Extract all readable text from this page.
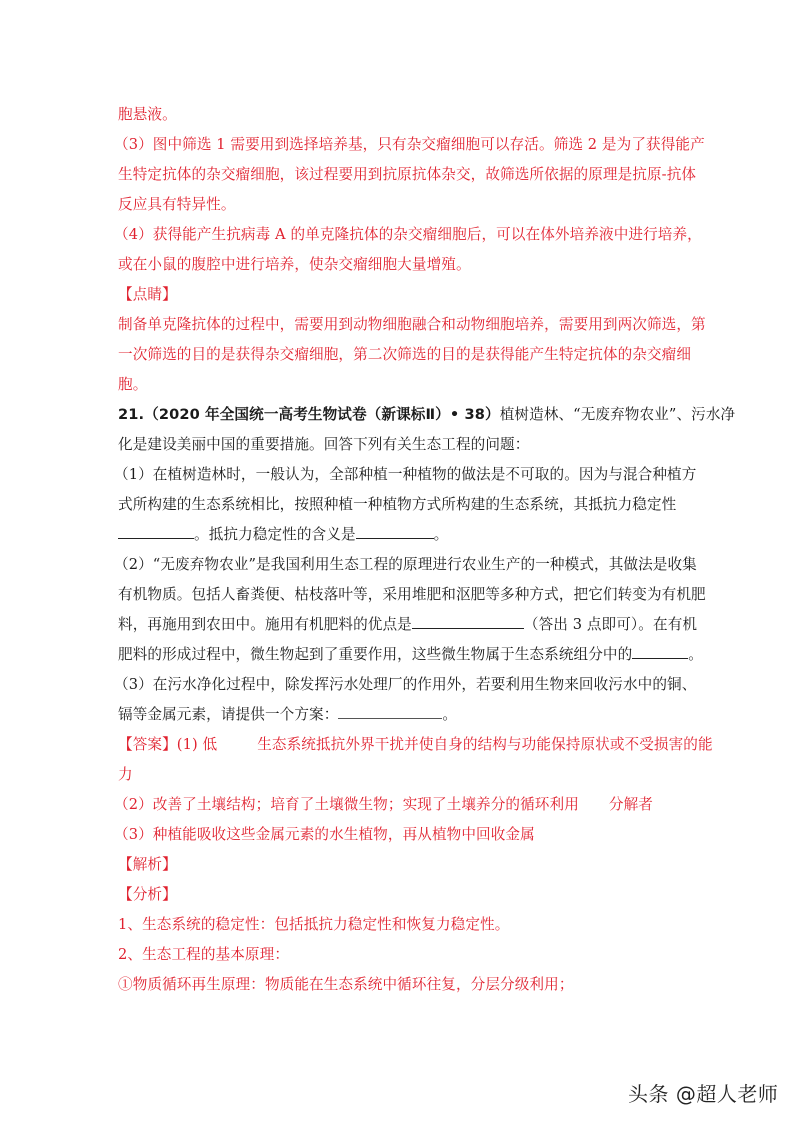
胞悬液。
（3）图中筛选 1 需要用到选择培养基，只有杂交瘤细胞可以存活。筛选 2 是为了获得能产
生特定抗体的杂交瘤细胞，该过程要用到抗原抗体杂交，故筛选所依据的原理是抗原-抗体
反应具有特异性。
（4）获得能产生抗病毒 A 的单克隆抗体的杂交瘤细胞后，可以在体外培养液中进行培养，
或在小鼠的腹腔中进行培养，使杂交瘤细胞大量增殖。
【点睛】
制备单克隆抗体的过程中，需要用到动物细胞融合和动物细胞培养，需要用到两次筛选，第
一次筛选的目的是获得杂交瘤细胞，第二次筛选的目的是获得能产生特定抗体的杂交瘤细
胞。
21.（2020 年全国统一高考生物试卷（新课标Ⅱ）• 38）植树造林、“无废弃物农业”、污水净
化是建设美丽中国的重要措施。回答下列有关生态工程的问题：
（1）在植树造林时，一般认为，全部种植一种植物的做法是不可取的。因为与混合种植方
式所构建的生态系统相比，按照种植一种植物方式所构建的生态系统，其抵抗力稳定性
。抵抗力稳定性的含义是	。
（2）“无废弃物农业”是我国利用生态工程的原理进行农业生产的一种模式，其做法是收集
有机物质。包括人畜粪便、枯枝落叶等，采用堆肥和沤肥等多种方式，把它们转变为有机肥
料，再施用到农田中。施用有机肥料的优点是	（答出 3 点即可）。在有机
肥料的形成过程中，微生物起到了重要作用，这些微生物属于生态系统组分中的	。
（3）在污水净化过程中，除发挥污水处理厂的作用外，若要利用生物来回收污水中的铜、
镉等金属元素，请提供一个方案：	。
【答案】(1) 低	生态系统抵抗外界干扰并使自身的结构与功能保持原状或不受损害的能
力
（2）改善了土壤结构；培育了土壤微生物；实现了土壤养分的循环利用 分解者
（3）种植能吸收这些金属元素的水生植物，再从植物中回收金属
【解析】
【分析】
1、生态系统的稳定性：包括抵抗力稳定性和恢复力稳定性。
2、生态工程的基本原理：
①物质循环再生原理：物质能在生态系统中循环往复，分层分级利用；
头条 @超人老师
